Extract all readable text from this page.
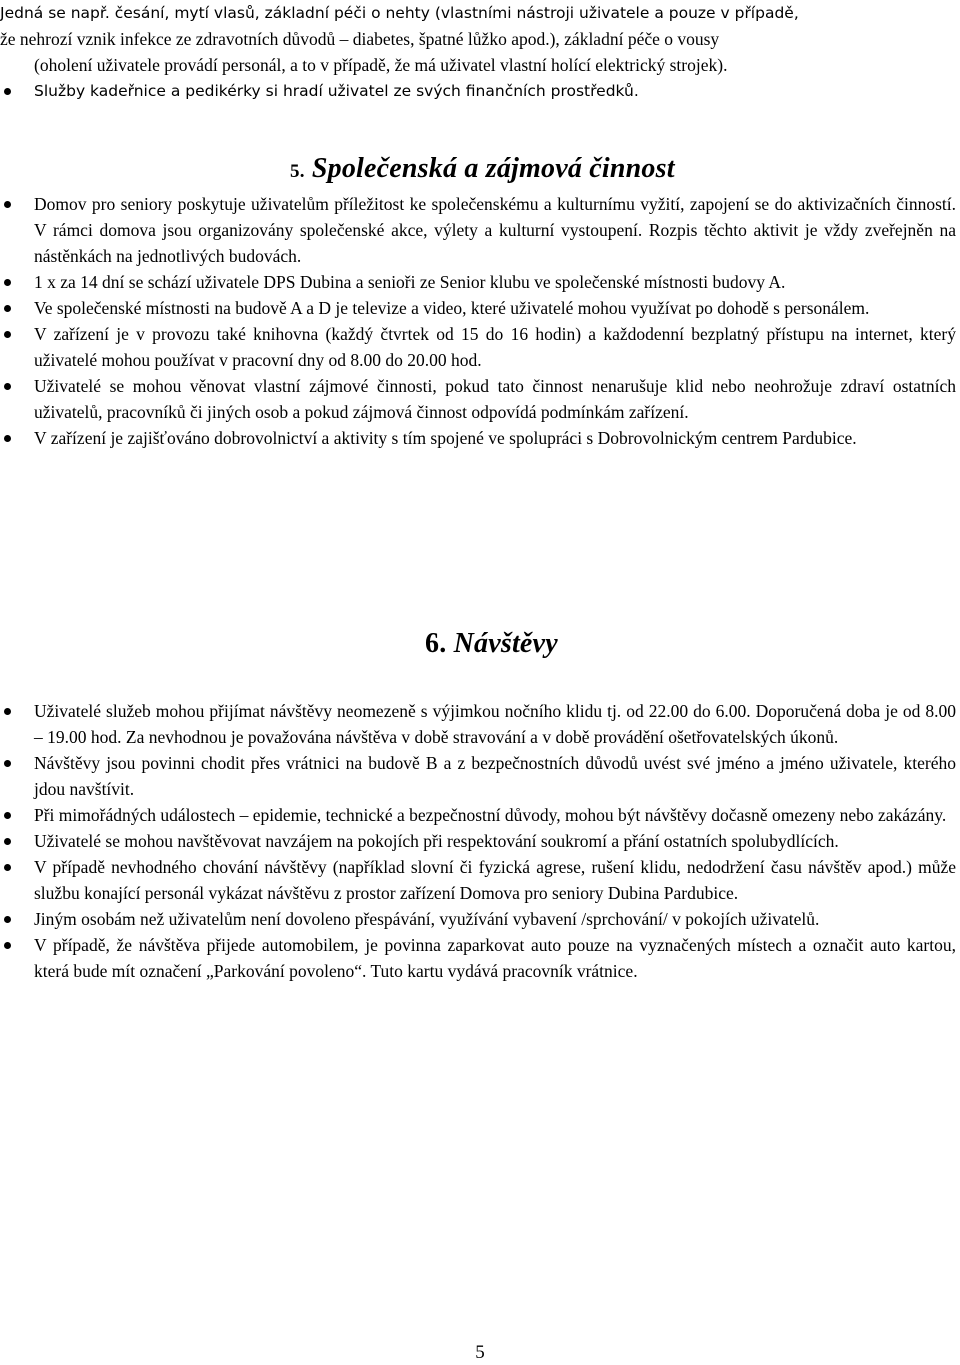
Jedná se např. česání, mytí vlasů, základní péči o nehty (vlastními nástroji uživatele a pouze v případě,

že nehrozí vznik infekce ze zdravotních důvodů – diabetes, špatné lůžko apod.), základní péče o vousy

(oholení uživatele provádí personál, a to v případě, že má uživatel vlastní holící elektrický strojek).

Služby kadeřnice a pedikérky si hradí uživatel ze svých finančních prostředků.
5. Společenská a zájmová činnost
Domov pro seniory poskytuje uživatelům příležitost ke společenskému a kulturnímu vyžití, zapojení se do aktivizačních činností. V rámci domova jsou organizovány společenské akce, výlety a kulturní vystoupení. Rozpis těchto aktivit je vždy zveřejněn na nástěnkách na jednotlivých budovách.
1 x za 14 dní se schází uživatele DPS Dubina a senioři ze Senior klubu ve společenské místnosti budovy A.
Ve společenské místnosti na budově A a D je televize a video, které uživatelé mohou využívat po dohodě s personálem.
V zařízení je v provozu také knihovna (každý čtvrtek od 15 do 16 hodin) a každodenní bezplatný přístupu na internet, který uživatelé mohou používat v pracovní dny od 8.00 do 20.00 hod.
Uživatelé se mohou věnovat vlastní zájmové činnosti, pokud tato činnost nenarušuje klid nebo neohrožuje zdraví ostatních uživatelů, pracovníků či jiných osob a pokud zájmová činnost odpovídá podmínkám zařízení.
V zařízení je zajišťováno dobrovolnictví a aktivity s tím spojené ve spolupráci s Dobrovolnickým centrem Pardubice.
6. Návštěvy
Uživatelé služeb mohou přijímat návštěvy neomezeně s výjimkou nočního klidu tj. od 22.00 do 6.00. Doporučená doba je od 8.00 – 19.00 hod. Za nevhodnou je považována návštěva v době stravování a v době provádění ošetřovatelských úkonů.
Návštěvy jsou povinni chodit přes vrátnici na budově B a z bezpečnostních důvodů uvést své jméno a jméno uživatele, kterého jdou navštívit.
Při mimořádných událostech – epidemie, technické a bezpečnostní důvody, mohou být návštěvy dočasně omezeny nebo zakázány.
Uživatelé se mohou navštěvovat navzájem na pokojích při respektování soukromí a přání ostatních spolubydlících.
V případě nevhodného chování návštěvy (například slovní či fyzická agrese, rušení klidu, nedodržení času návštěv apod.) může službu konající personál vykázat návštěvu z prostor zařízení Domova pro seniory Dubina Pardubice.
Jiným osobám než uživatelům není dovoleno přespávání, využívání vybavení /sprchování/ v pokojích uživatelů.
V případě, že návštěva přijede automobilem, je povinna zaparkovat auto pouze na vyznačených místech a označit auto kartou, která bude mít označení „Parkování povoleno“. Tuto kartu vydává pracovník vrátnice.
5
